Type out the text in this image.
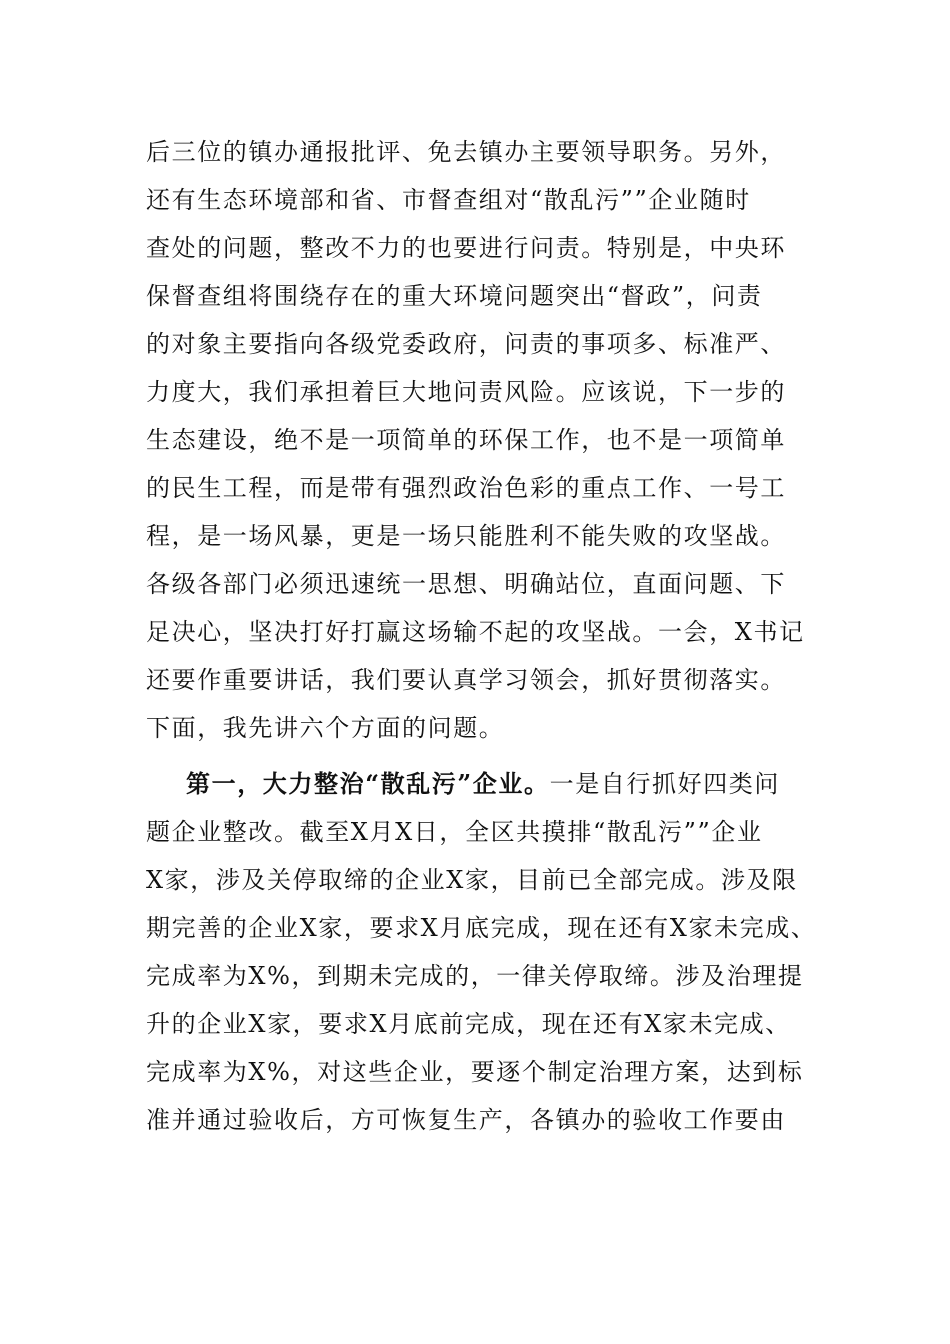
后三位的镇办通报批评、免去镇办主要领导职务。另外，
还有生态环境部和省、市督查组对“散乱污””企业随时
查处的问题，整改不力的也要进行问责。特别是，中央环
保督查组将围绕存在的重大环境问题突出“督政”，问责
的对象主要指向各级党委政府，问责的事项多、标准严、
力度大，我们承担着巨大地问责风险。应该说，下一步的
生态建设，绝不是一项简单的环保工作，也不是一项简单
的民生工程，而是带有强烈政治色彩的重点工作、一号工
程，是一场风暴，更是一场只能胜利不能失败的攻坚战。
各级各部门必须迅速统一思想、明确站位，直面问题、下
足决心，坚决打好打赢这场输不起的攻坚战。一会，X书记
还要作重要讲话，我们要认真学习领会，抓好贯彻落实。
下面，我先讲六个方面的问题。
第一，大力整治“散乱污”企业。一是自行抓好四类问
题企业整改。截至X月X日，全区共摸排“散乱污””企业
X家，涉及关停取缔的企业X家，目前已全部完成。涉及限
期完善的企业X家，要求X月底完成，现在还有X家未完成、
完成率为X%，到期未完成的，一律关停取缔。涉及治理提
升的企业X家，要求X月底前完成，现在还有X家未完成、
完成率为X%，对这些企业，要逐个制定治理方案，达到标
准并通过验收后，方可恢复生产，各镇办的验收工作要由
